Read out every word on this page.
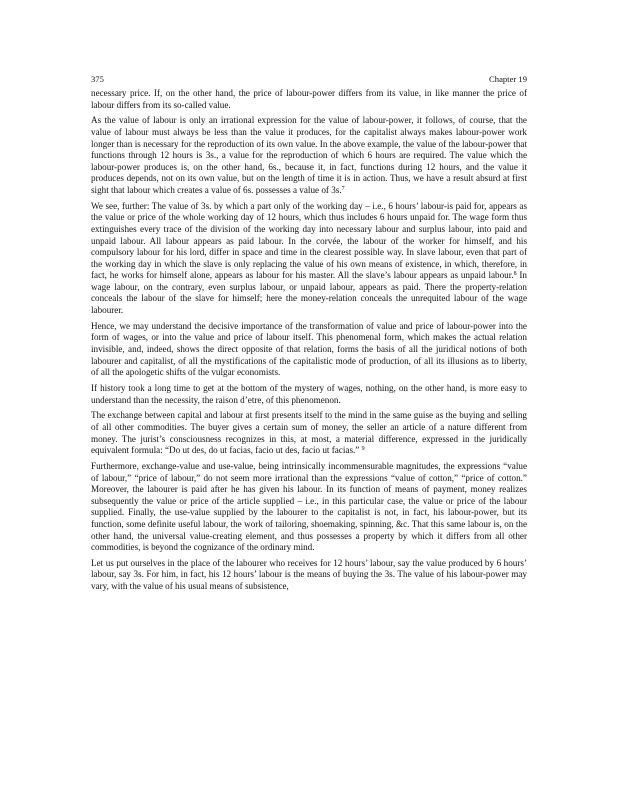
375	Chapter 19

necessary price. If, on the other hand, the price of labour-power differs from its value, in like manner the price of labour differs from its so-called value.

As the value of labour is only an irrational expression for the value of labour-power, it follows, of course, that the value of labour must always be less than the value it produces, for the capitalist always makes labour-power work longer than is necessary for the reproduction of its own value. In the above example, the value of the labour-power that functions through 12 hours is 3s., a value for the reproduction of which 6 hours are required. The value which the labour-power produces is, on the other hand, 6s., because it, in fact, functions during 12 hours, and the value it produces depends, not on its own value, but on the length of time it is in action. Thus, we have a result absurd at first sight that labour which creates a value of 6s. possesses a value of 3s.$^7$

We see, further: The value of 3s. by which a part only of the working day – i.e., 6 hours’ labour-is paid for, appears as the value or price of the whole working day of 12 hours, which thus includes 6 hours unpaid for. The wage form thus extinguishes every trace of the division of the working day into necessary labour and surplus labour, into paid and unpaid labour. All labour appears as paid labour. In the corvée, the labour of the worker for himself, and his compulsory labour for his lord, differ in space and time in the clearest possible way. In slave labour, even that part of the working day in which the slave is only replacing the value of his own means of existence, in which, therefore, in fact, he works for himself alone, appears as labour for his master. All the slave’s labour appears as unpaid labour.$^8$ In wage labour, on the contrary, even surplus labour, or unpaid labour, appears as paid. There the property-relation conceals the labour of the slave for himself; here the money-relation conceals the unrequited labour of the wage labourer.

Hence, we may understand the decisive importance of the transformation of value and price of labour-power into the form of wages, or into the value and price of labour itself. This phenomenal form, which makes the actual relation invisible, and, indeed, shows the direct opposite of that relation, forms the basis of all the juridical notions of both labourer and capitalist, of all the mystifications of the capitalistic mode of production, of all its illusions as to liberty, of all the apologetic shifts of the vulgar economists.

If history took a long time to get at the bottom of the mystery of wages, nothing, on the other hand, is more easy to understand than the necessity, the raison d’etre, of this phenomenon.

The exchange between capital and labour at first presents itself to the mind in the same guise as the buying and selling of all other commodities. The buyer gives a certain sum of money, the seller an article of a nature different from money. The jurist’s consciousness recognizes in this, at most, a material difference, expressed in the juridically equivalent formula: “Do ut des, do ut facias, facio ut des, facio ut facias.” $^9$

Furthermore, exchange-value and use-value, being intrinsically incommensurable magnitudes, the expressions “value of labour,” “price of labour,” do not seem more irrational than the expressions “value of cotton,” “price of cotton.” Moreover, the labourer is paid after he has given his labour. In its function of means of payment, money realizes subsequently the value or price of the article supplied – i.e., in this particular case, the value or price of the labour supplied. Finally, the use-value supplied by the labourer to the capitalist is not, in fact, his labour-power, but its function, some definite useful labour, the work of tailoring, shoemaking, spinning, &c. That this same labour is, on the other hand, the universal value-creating element, and thus possesses a property by which it differs from all other commodities, is beyond the cognizance of the ordinary mind.

Let us put ourselves in the place of the labourer who receives for 12 hours’ labour, say the value produced by 6 hours’ labour, say 3s. For him, in fact, his 12 hours’ labour is the means of buying the 3s. The value of his labour-power may vary, with the value of his usual means of subsistence,
